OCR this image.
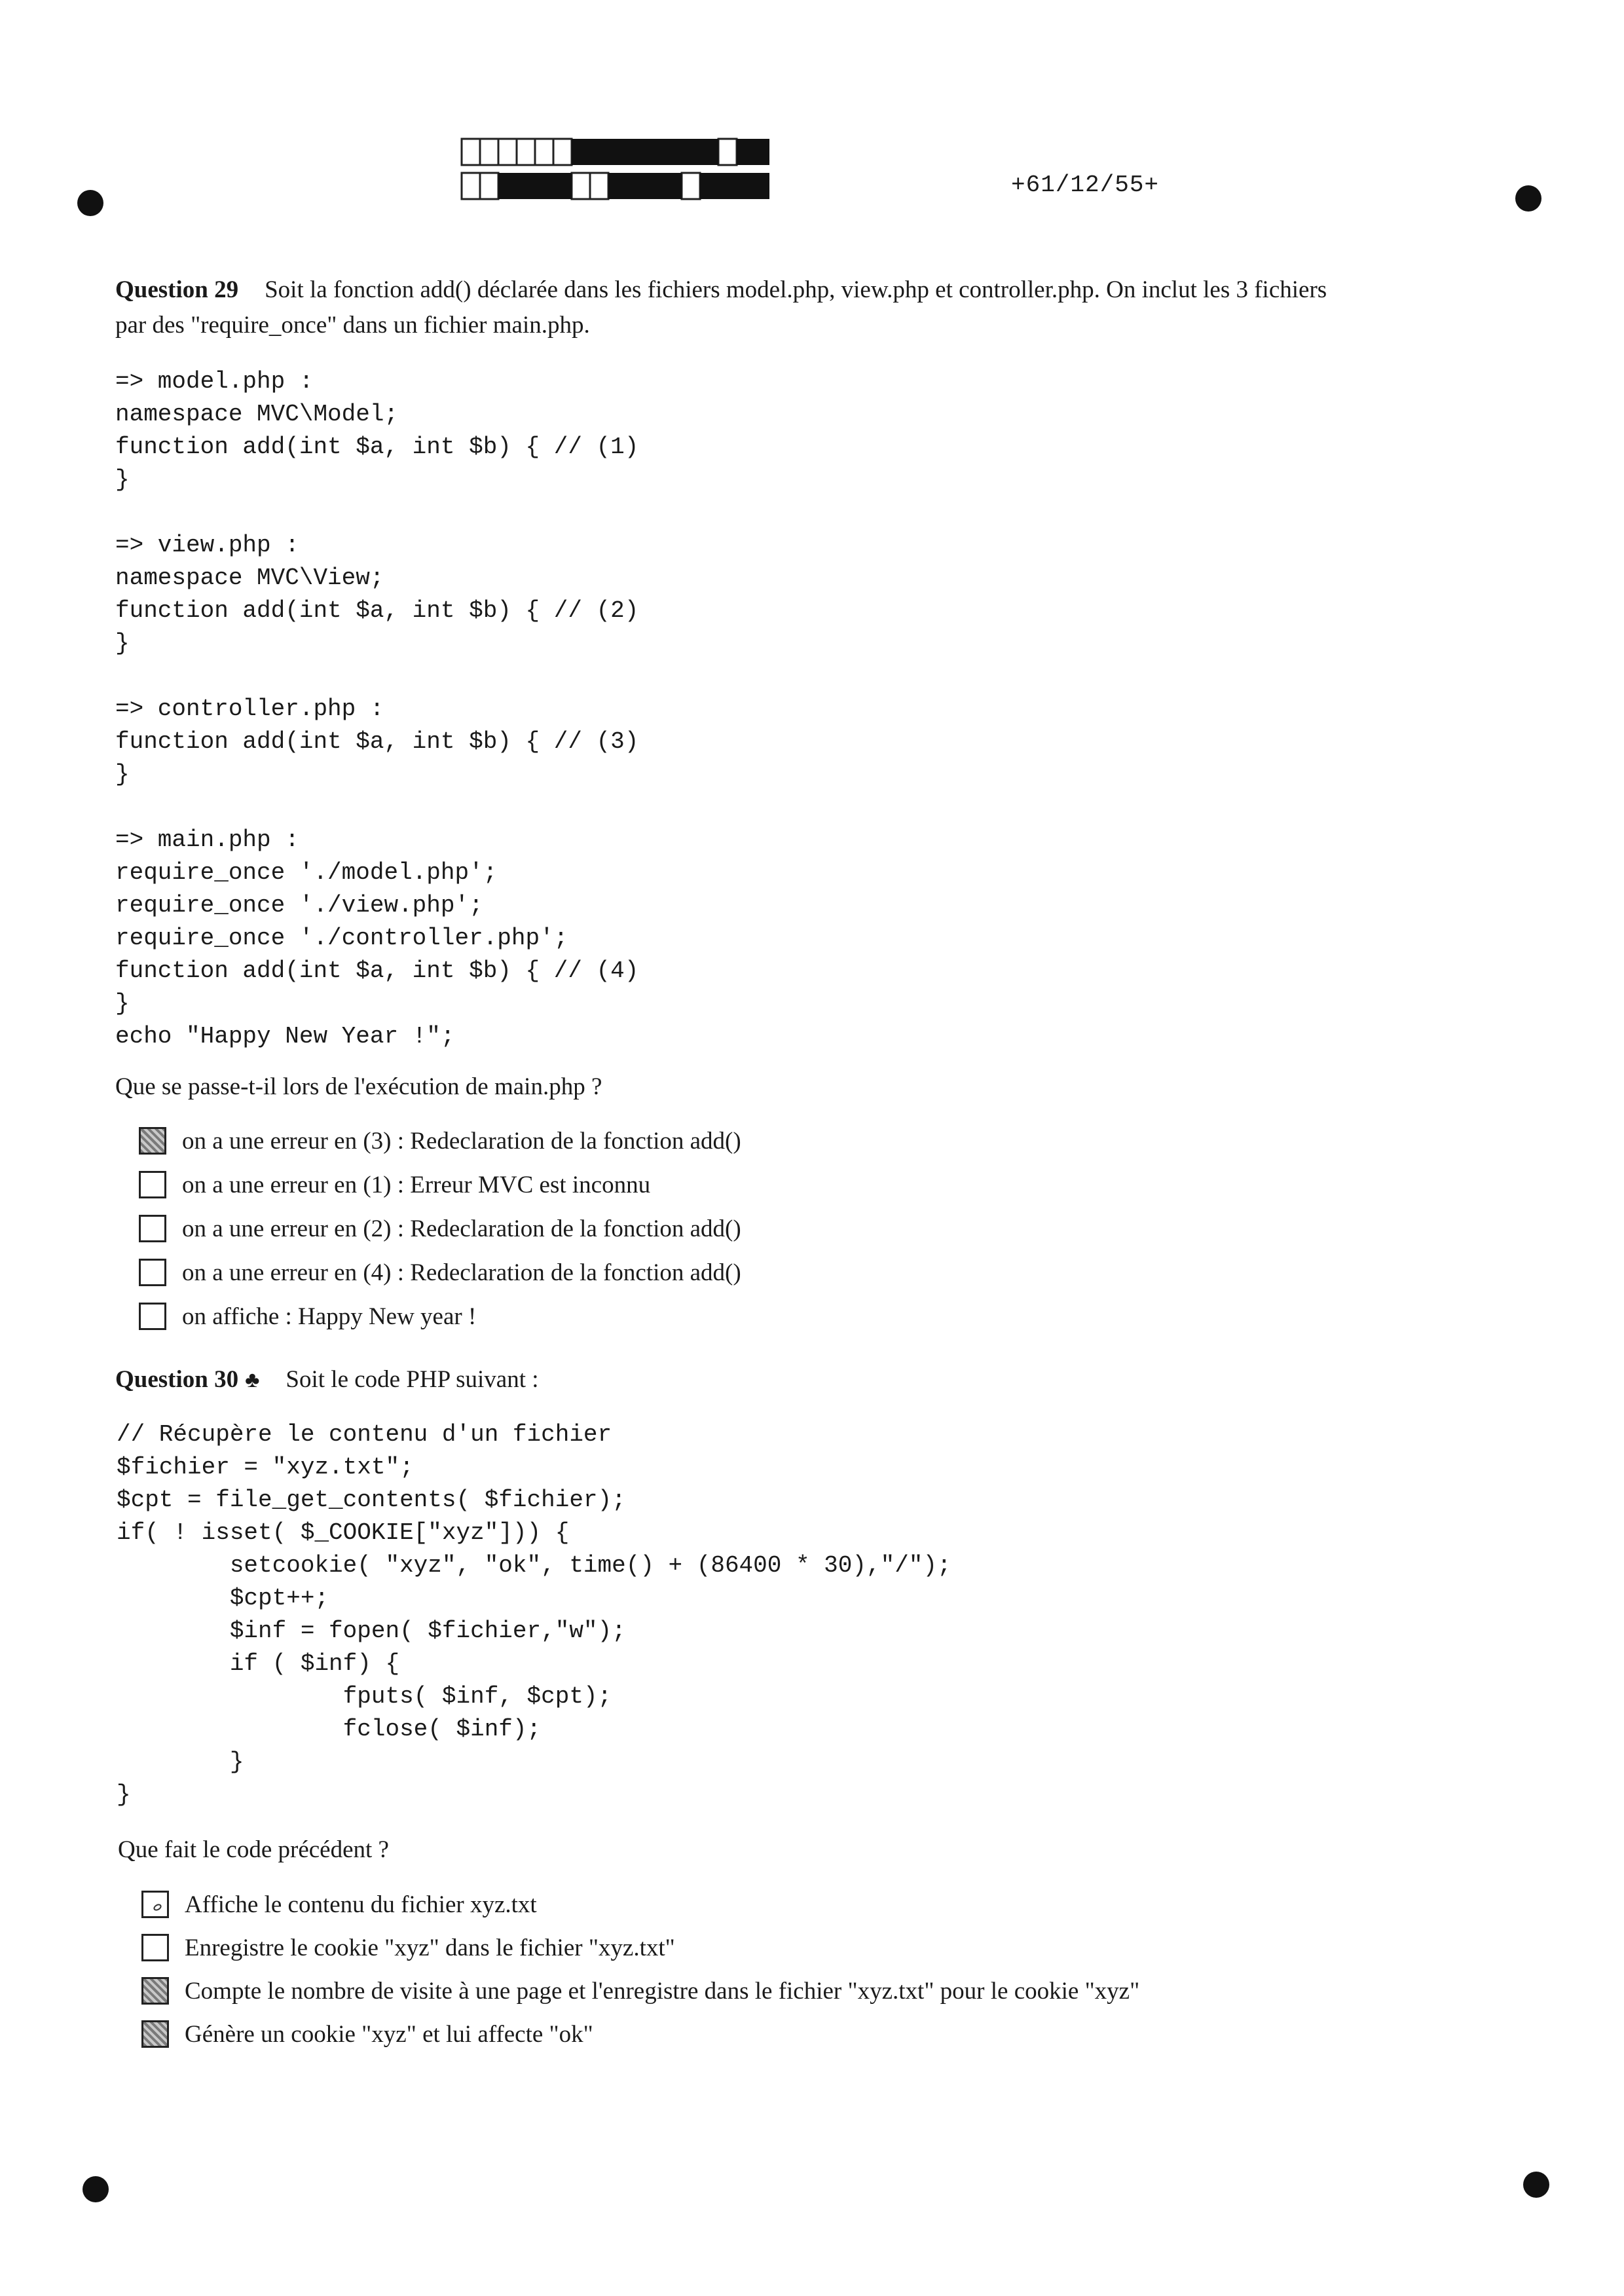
+61/12/55+
Question 29 Soit la fonction add() déclarée dans les fichiers model.php, view.php et controller.php. On inclut les 3 fichiers
par des "require_once" dans un fichier main.php.
=> model.php :
namespace MVC\Model;
function add(int $a, int $b) { // (1)
}

=> view.php :
namespace MVC\View;
function add(int $a, int $b) { // (2)
}

=> controller.php :
function add(int $a, int $b) { // (3)
}

=> main.php :
require_once './model.php';
require_once './view.php';
require_once './controller.php';
function add(int $a, int $b) { // (4)
}
echo "Happy New Year !";
Que se passe-t-il lors de l'exécution de main.php ?
on a une erreur en (3) : Redeclaration de la fonction add()
on a une erreur en (1) : Erreur MVC est inconnu
on a une erreur en (2) : Redeclaration de la fonction add()
on a une erreur en (4) : Redeclaration de la fonction add()
on affiche : Happy New year !
Question 30 ♣ Soit le code PHP suivant :
// Récupère le contenu d'un fichier
$fichier = "xyz.txt";
$cpt = file_get_contents( $fichier);
if( ! isset( $_COOKIE["xyz"])) {
setcookie( "xyz", "ok", time() + (86400 * 30),"/");
$cpt++;
$inf = fopen( $fichier,"w");
if ( $inf) {
fputs( $inf, $cpt);
fclose( $inf);
}
}
Que fait le code précédent ?
Affiche le contenu du fichier xyz.txt
Enregistre le cookie "xyz" dans le fichier "xyz.txt"
Compte le nombre de visite à une page et l'enregistre dans le fichier "xyz.txt" pour le cookie "xyz"
Génère un cookie "xyz" et lui affecte "ok"
